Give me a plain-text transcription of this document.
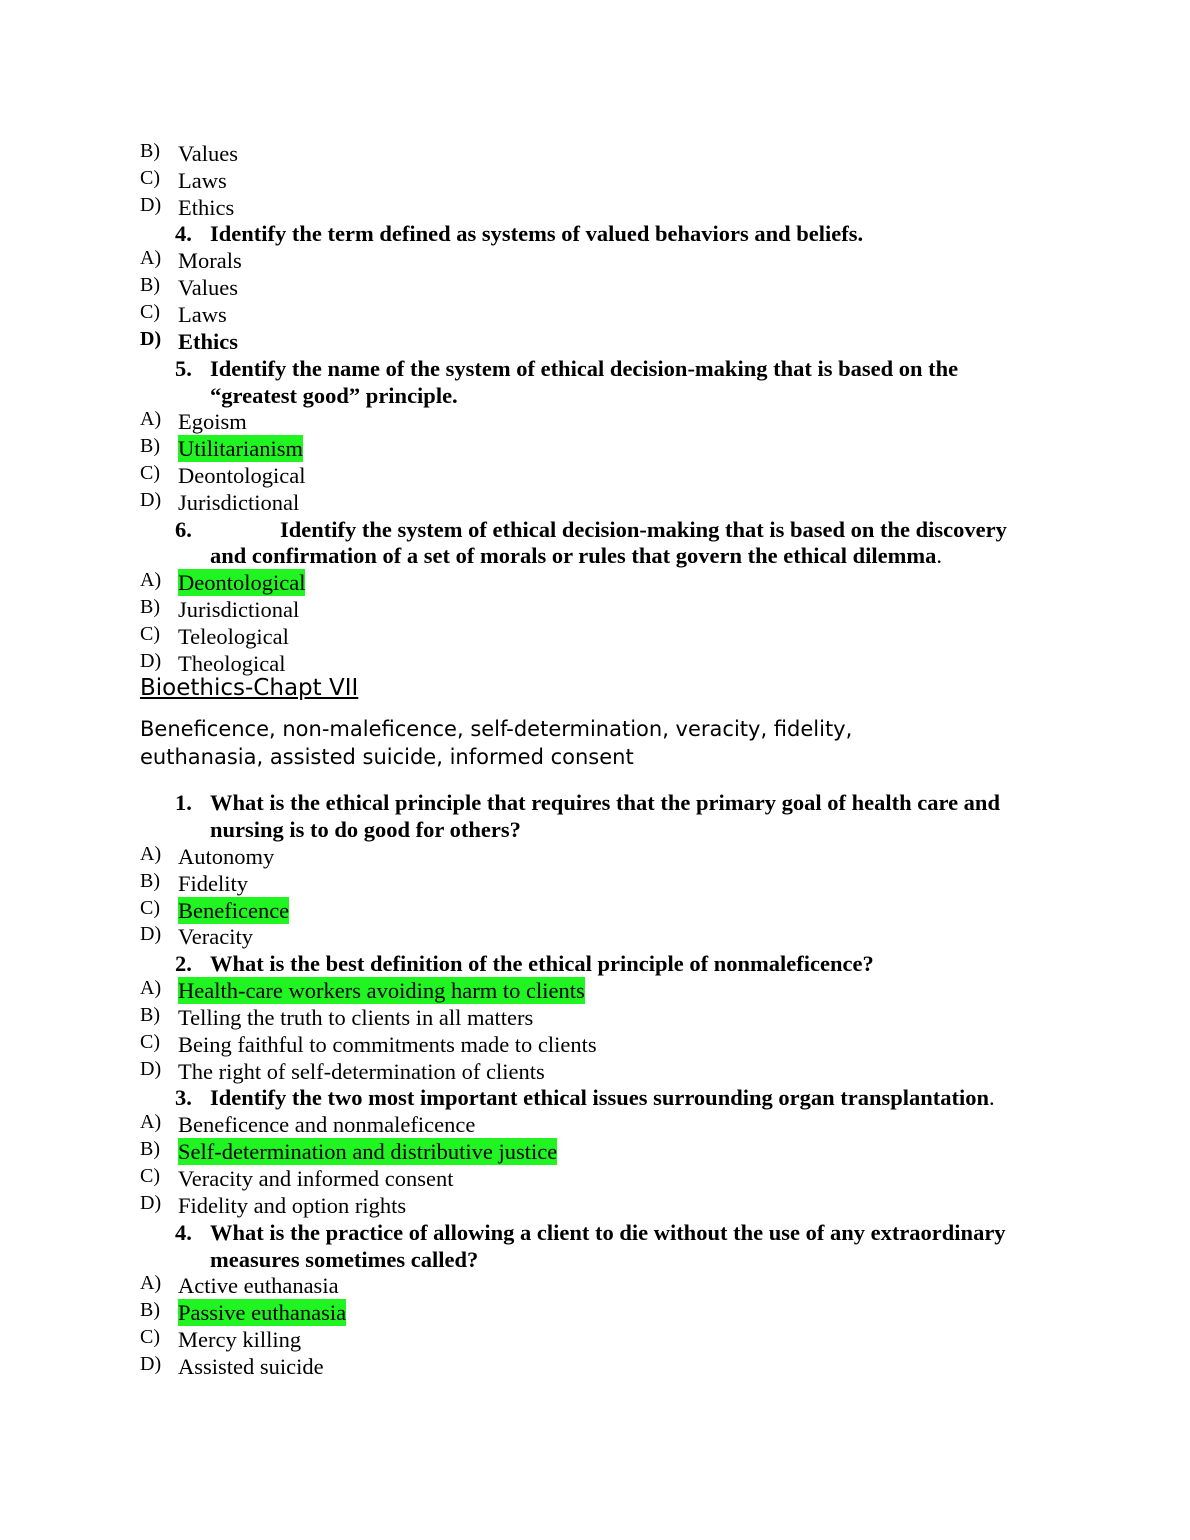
B) Values
C) Laws
D) Ethics
4. Identify the term defined as systems of valued behaviors and beliefs.
A) Morals
B) Values
C) Laws
D) Ethics
5. Identify the name of the system of ethical decision-making that is based on the
“greatest good” principle.
A) Egoism
B) Utilitarianism
C) Deontological
D) Jurisdictional
6.	Identify the system of ethical decision-making that is based on the discovery
and confirmation of a set of morals or rules that govern the ethical dilemma.
A) Deontological
B) Jurisdictional
C) Teleological
D) Theological
Bioethics-Chapt VII
Beneficence, non-maleficence, self-determination, veracity, fidelity,
euthanasia, assisted suicide, informed consent
1. What is the ethical principle that requires that the primary goal of health care and
nursing is to do good for others?
A) Autonomy
B) Fidelity
C) Beneficence
D) Veracity
2. What is the best definition of the ethical principle of nonmaleficence?
A) Health-care workers avoiding harm to clients
B) Telling the truth to clients in all matters
C) Being faithful to commitments made to clients
D) The right of self-determination of clients
3. Identify the two most important ethical issues surrounding organ transplantation.
A) Beneficence and nonmaleficence
B) Self-determination and distributive justice
C) Veracity and informed consent
D) Fidelity and option rights
4. What is the practice of allowing a client to die without the use of any extraordinary
measures sometimes called?
A) Active euthanasia
B) Passive euthanasia
C) Mercy killing
D) Assisted suicide
